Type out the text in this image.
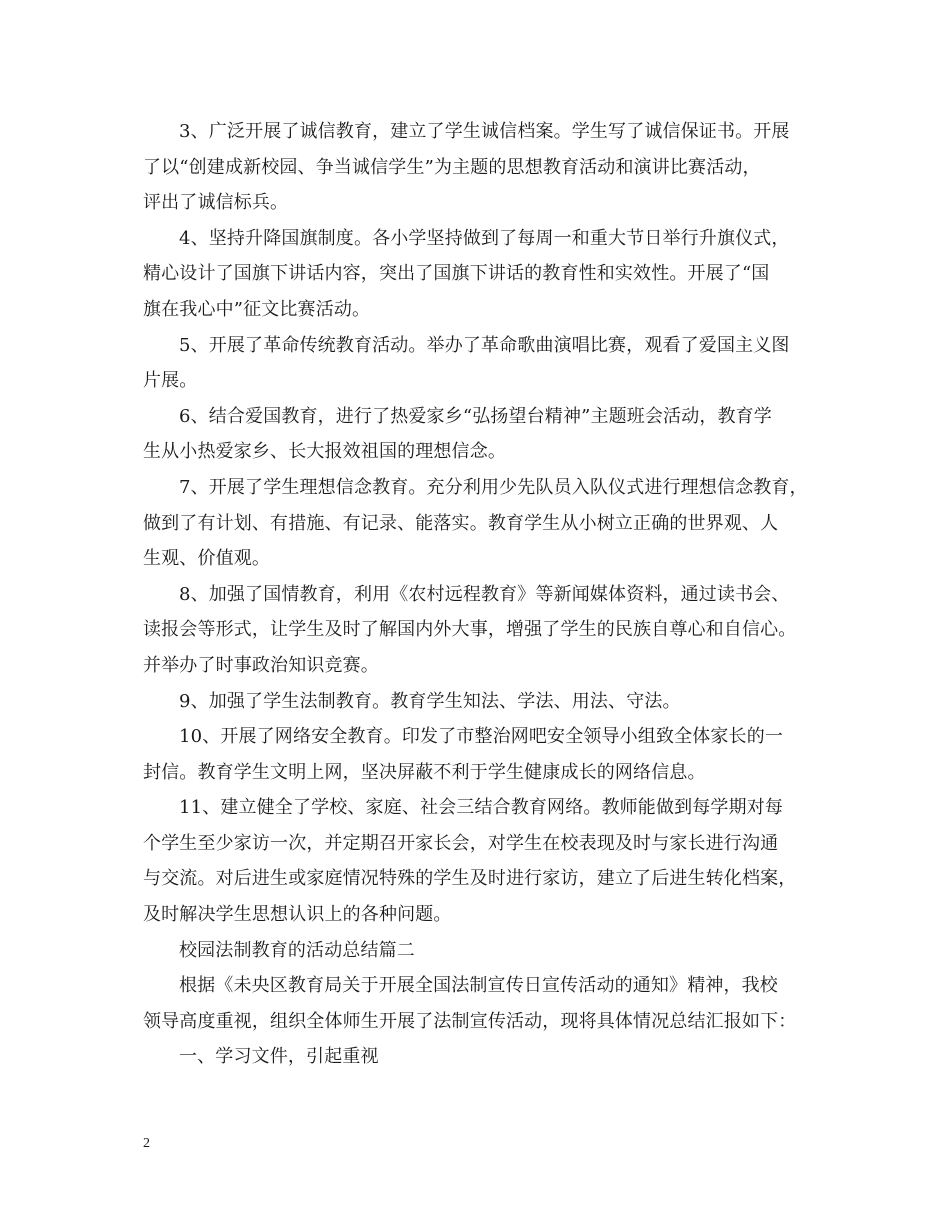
3、广泛开展了诚信教育，建立了学生诚信档案。学生写了诚信保证书。开展
了以“创建成新校园、争当诚信学生”为主题的思想教育活动和演讲比赛活动，
评出了诚信标兵。
4、坚持升降国旗制度。各小学坚持做到了每周一和重大节日举行升旗仪式，
精心设计了国旗下讲话内容，突出了国旗下讲话的教育性和实效性。开展了“国
旗在我心中”征文比赛活动。
5、开展了革命传统教育活动。举办了革命歌曲演唱比赛，观看了爱国主义图
片展。
6、结合爱国教育，进行了热爱家乡“弘扬望台精神”主题班会活动，教育学
生从小热爱家乡、长大报效祖国的理想信念。
7、开展了学生理想信念教育。充分利用少先队员入队仪式进行理想信念教育，
做到了有计划、有措施、有记录、能落实。教育学生从小树立正确的世界观、人
生观、价值观。
8、加强了国情教育，利用《农村远程教育》等新闻媒体资料，通过读书会、
读报会等形式，让学生及时了解国内外大事，增强了学生的民族自尊心和自信心。
并举办了时事政治知识竞赛。
9、加强了学生法制教育。教育学生知法、学法、用法、守法。
10、开展了网络安全教育。印发了市整治网吧安全领导小组致全体家长的一
封信。教育学生文明上网，坚决屏蔽不利于学生健康成长的网络信息。
11、建立健全了学校、家庭、社会三结合教育网络。教师能做到每学期对每
个学生至少家访一次，并定期召开家长会，对学生在校表现及时与家长进行沟通
与交流。对后进生或家庭情况特殊的学生及时进行家访，建立了后进生转化档案，
及时解决学生思想认识上的各种问题。
校园法制教育的活动总结篇二
根据《未央区教育局关于开展全国法制宣传日宣传活动的通知》精神，我校
领导高度重视，组织全体师生开展了法制宣传活动，现将具体情况总结汇报如下：
一、学习文件，引起重视
2
